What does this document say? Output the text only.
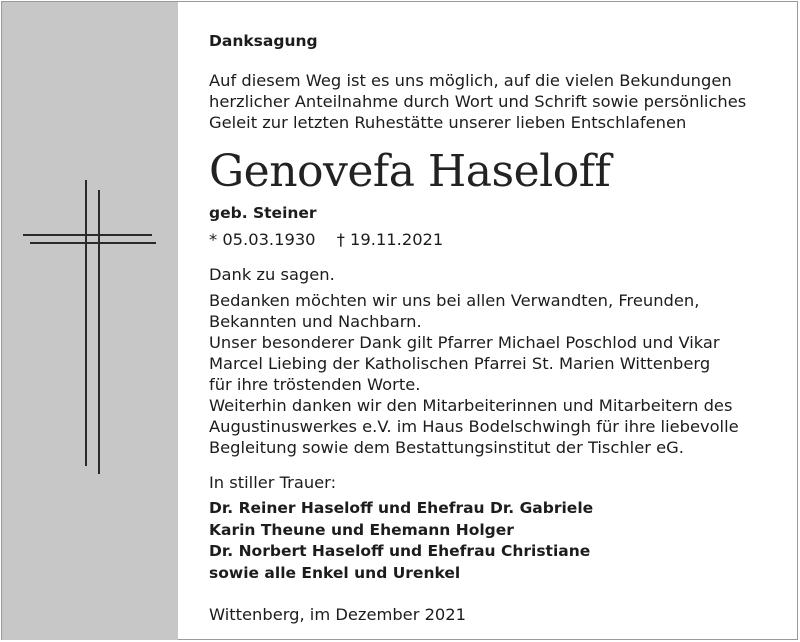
Danksagung

Auf diesem Weg ist es uns möglich, auf die vielen Bekundungen
herzlicher Anteilnahme durch Wort und Schrift sowie persönliches
Geleit zur letzten Ruhestätte unserer lieben Entschlafenen

Genovefa Haseloff
geb. Steiner
* 05.03.1930 † 19.11.2021

Dank zu sagen.

Bedanken möchten wir uns bei allen Verwandten, Freunden,
Bekannten und Nachbarn.
Unser besonderer Dank gilt Pfarrer Michael Poschlod und Vikar
Marcel Liebing der Katholischen Pfarrei St. Marien Wittenberg
für ihre tröstenden Worte.
Weiterhin danken wir den Mitarbeiterinnen und Mitarbeitern des
Augustinuswerkes e.V. im Haus Bodelschwingh für ihre liebevolle
Begleitung sowie dem Bestattungsinstitut der Tischler eG.

In stiller Trauer:

Dr. Reiner Haseloff und Ehefrau Dr. Gabriele
Karin Theune und Ehemann Holger
Dr. Norbert Haseloff und Ehefrau Christiane
sowie alle Enkel und Urenkel

Wittenberg, im Dezember 2021
